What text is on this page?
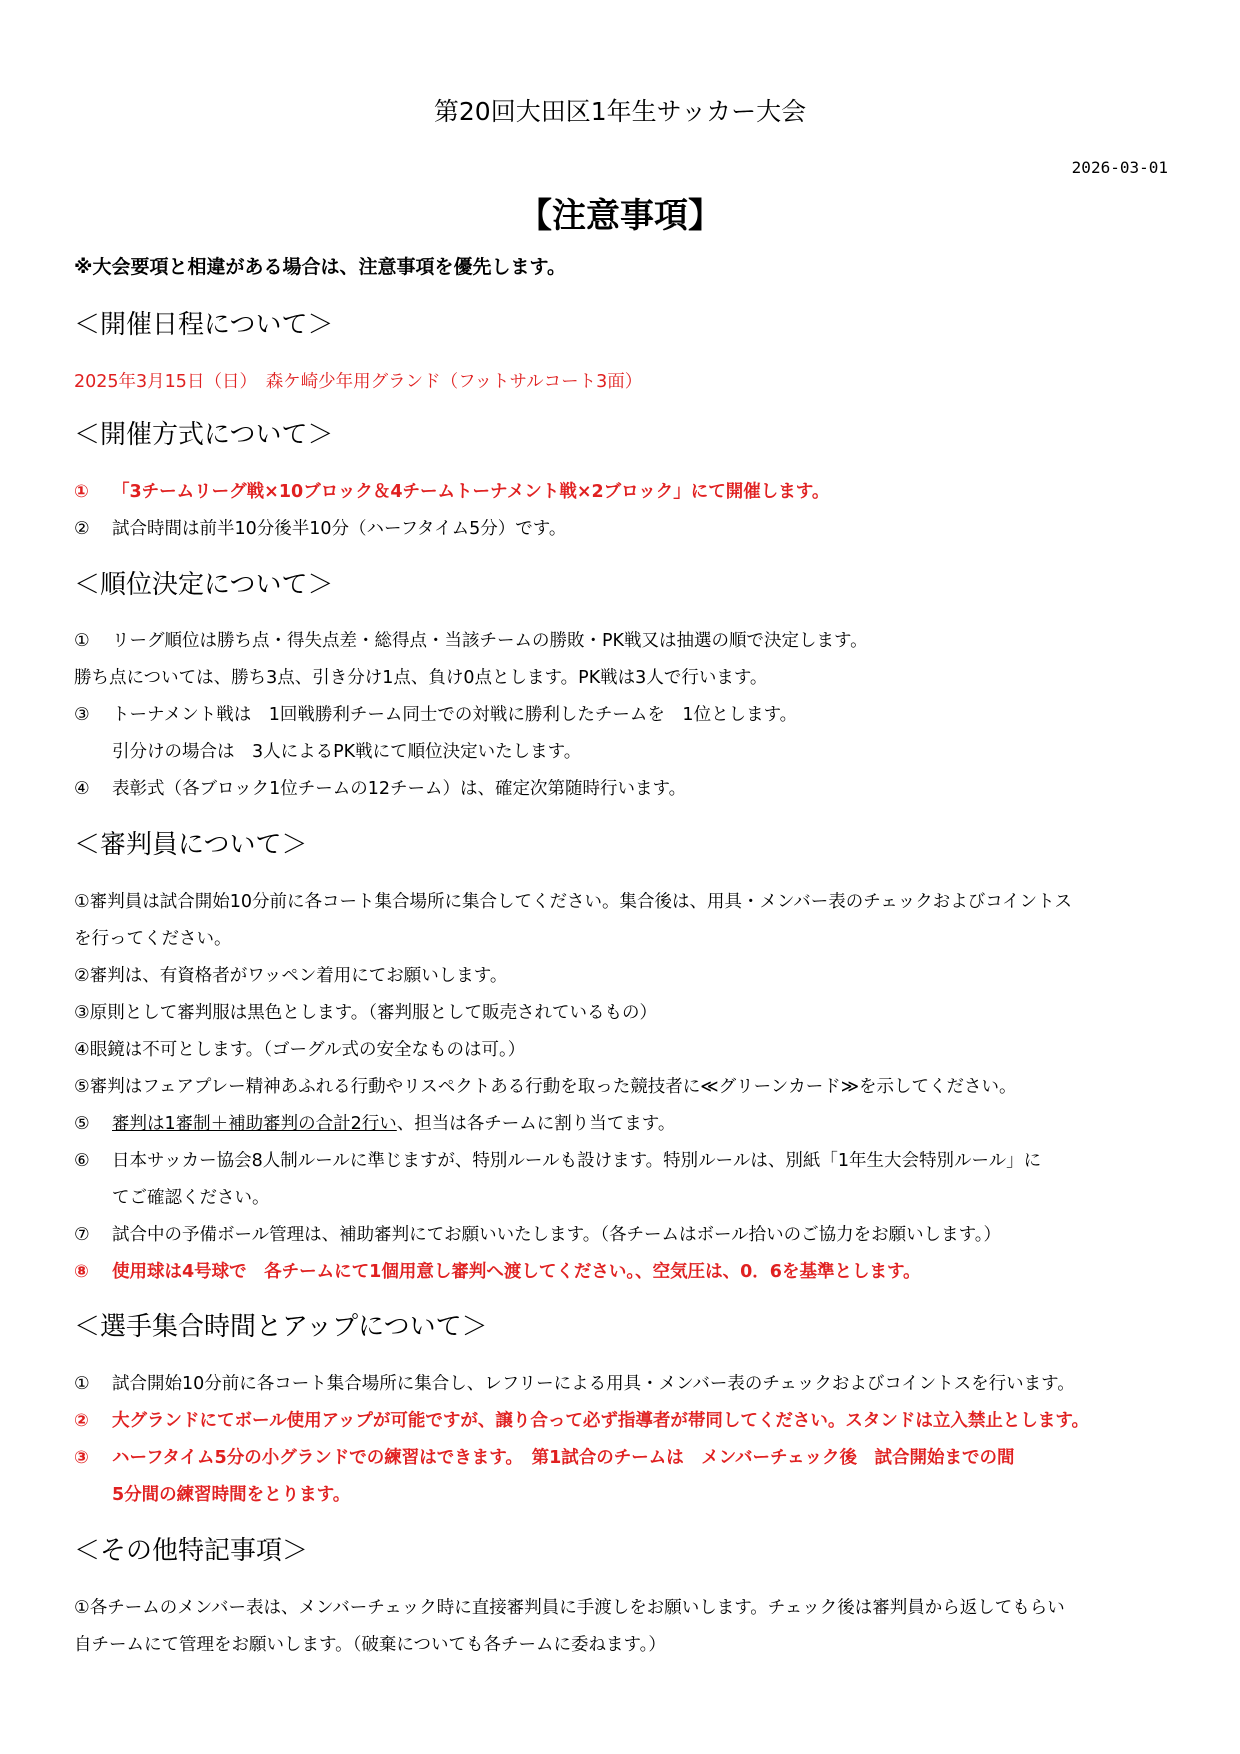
第20回大田区1年生サッカー大会

2026-03-01

【注意事項】

※大会要項と相違がある場合は、注意事項を優先します。

＜開催日程について＞

2025年3月15日（日）　森ケ崎少年用グランド（フットサルコート3面）

＜開催方式について＞

① 「3チームリーグ戦×10ブロック＆4チームトーナメント戦×2ブロック」にて開催します。

② 試合時間は前半10分後半10分（ハーフタイム5分）です。

＜順位決定について＞

① リーグ順位は勝ち点・得失点差・総得点・当該チームの勝敗・PK戦又は抽選の順で決定します。

勝ち点については、勝ち3点、引き分け1点、負け0点とします。PK戦は3人で行います。

③ トーナメント戦は　1回戦勝利チーム同士での対戦に勝利したチームを　1位とします。

引分けの場合は　3人によるPK戦にて順位決定いたします。

④ 表彰式（各ブロック1位チームの12チーム）は、確定次第随時行います。

＜審判員について＞

①審判員は試合開始10分前に各コート集合場所に集合してください。集合後は、用具・メンバー表のチェックおよびコイントス

を行ってください。

②審判は、有資格者がワッペン着用にてお願いします。

③原則として審判服は黒色とします。（審判服として販売されているもの）

④眼鏡は不可とします。（ゴーグル式の安全なものは可。）

⑤審判はフェアプレー精神あふれる行動やリスペクトある行動を取った競技者に≪グリーンカード≫を示してください。

⑤ 審判は1審制＋補助審判の合計2行い、担当は各チームに割り当てます。

⑥ 日本サッカー協会8人制ルールに準じますが、特別ルールも設けます。特別ルールは、別紙「1年生大会特別ルール」に

てご確認ください。

⑦ 試合中の予備ボール管理は、補助審判にてお願いいたします。（各チームはボール拾いのご協力をお願いします。）

⑧ 使用球は4号球で　各チームにて1個用意し審判へ渡してください。、空気圧は、0．6を基準とします。

＜選手集合時間とアップについて＞

① 試合開始10分前に各コート集合場所に集合し、レフリーによる用具・メンバー表のチェックおよびコイントスを行います。

② 大グランドにてボール使用アップが可能ですが、譲り合って必ず指導者が帯同してください。スタンドは立入禁止とします。

③ ハーフタイム5分の小グランドでの練習はできます。　第1試合のチームは　メンバーチェック後　試合開始までの間

5分間の練習時間をとります。

＜その他特記事項＞

①各チームのメンバー表は、メンバーチェック時に直接審判員に手渡しをお願いします。チェック後は審判員から返してもらい

自チームにて管理をお願いします。（破棄についても各チームに委ねます。）
